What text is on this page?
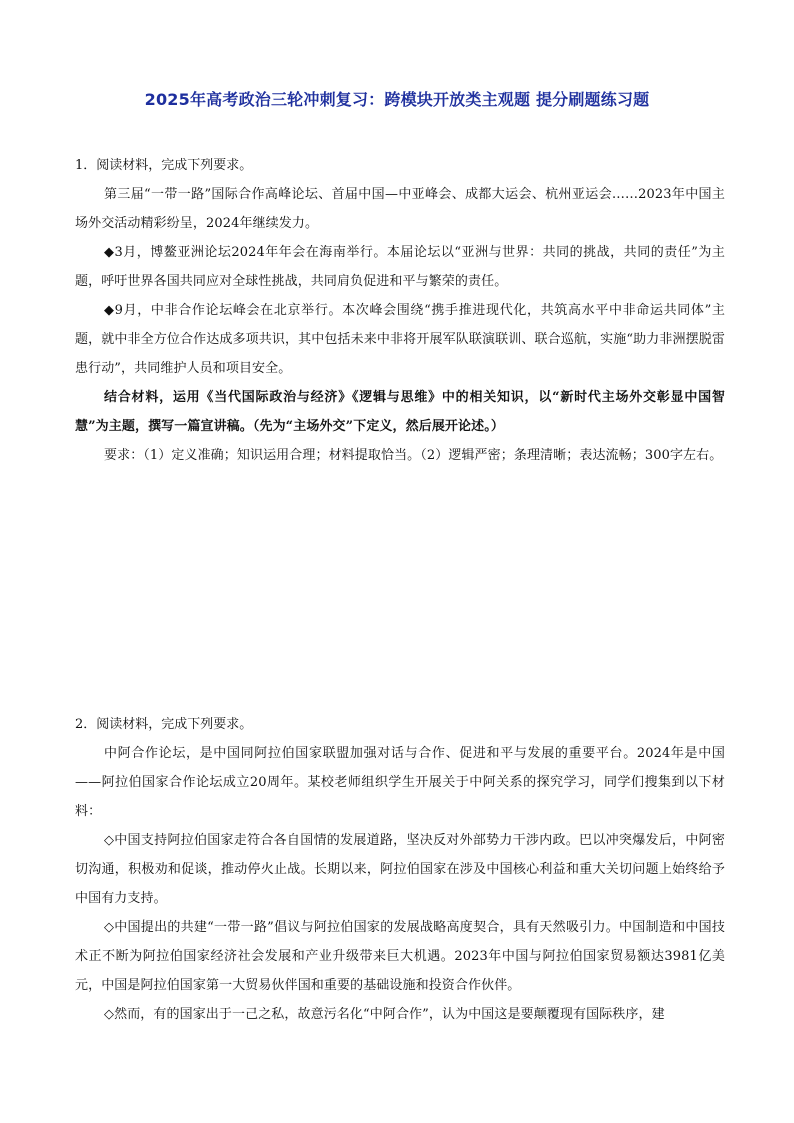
2025年高考政治三轮冲刺复习：跨模块开放类主观题 提分刷题练习题

1．阅读材料，完成下列要求。

第三届“一带一路”国际合作高峰论坛、首届中国—中亚峰会、成都大运会、杭州亚运会……2023年中国主场外交活动精彩纷呈，2024年继续发力。

◆3月，博鳌亚洲论坛2024年年会在海南举行。本届论坛以“亚洲与世界：共同的挑战，共同的责任”为主题，呼吁世界各国共同应对全球性挑战，共同肩负促进和平与繁荣的责任。

◆9月，中非合作论坛峰会在北京举行。本次峰会围绕“携手推进现代化，共筑高水平中非命运共同体”主题，就中非全方位合作达成多项共识，其中包括未来中非将开展军队联演联训、联合巡航，实施“助力非洲摆脱雷患行动”，共同维护人员和项目安全。

结合材料，运用《当代国际政治与经济》《逻辑与思维》中的相关知识，以“新时代主场外交彰显中国智慧”为主题，撰写一篇宣讲稿。（先为“主场外交”下定义，然后展开论述。）

要求：（1）定义准确；知识运用合理；材料提取恰当。（2）逻辑严密；条理清晰；表达流畅；300字左右。

2．阅读材料，完成下列要求。

中阿合作论坛，是中国同阿拉伯国家联盟加强对话与合作、促进和平与发展的重要平台。2024年是中国——阿拉伯国家合作论坛成立20周年。某校老师组织学生开展关于中阿关系的探究学习，同学们搜集到以下材料：

◇中国支持阿拉伯国家走符合各自国情的发展道路，坚决反对外部势力干涉内政。巴以冲突爆发后，中阿密切沟通，积极劝和促谈，推动停火止战。长期以来，阿拉伯国家在涉及中国核心利益和重大关切问题上始终给予中国有力支持。

◇中国提出的共建“一带一路”倡议与阿拉伯国家的发展战略高度契合，具有天然吸引力。中国制造和中国技术正不断为阿拉伯国家经济社会发展和产业升级带来巨大机遇。2023年中国与阿拉伯国家贸易额达3981亿美元，中国是阿拉伯国家第一大贸易伙伴国和重要的基础设施和投资合作伙伴。

◇然而，有的国家出于一己之私，故意污名化“中阿合作”，认为中国这是要颠覆现有国际秩序，建
